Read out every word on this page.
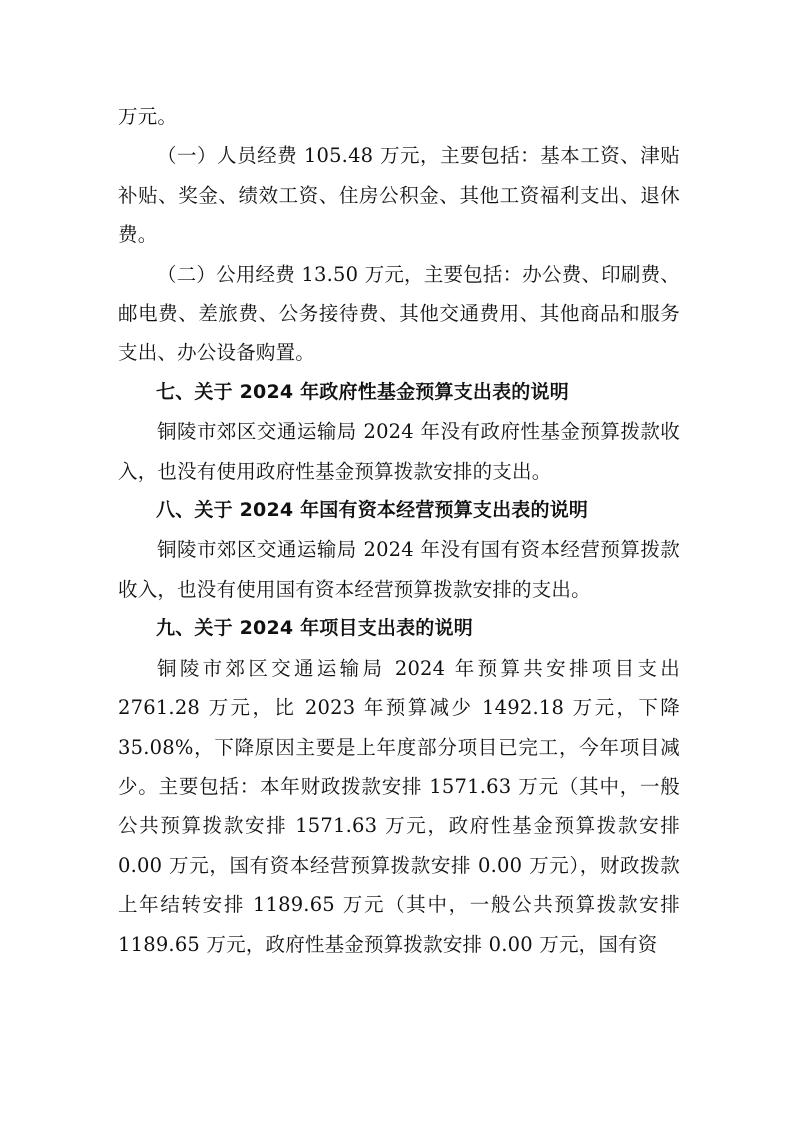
万元。

（一）人员经费 105.48 万元，主要包括：基本工资、津贴补贴、奖金、绩效工资、住房公积金、其他工资福利支出、退休费。

（二）公用经费 13.50 万元，主要包括：办公费、印刷费、邮电费、差旅费、公务接待费、其他交通费用、其他商品和服务支出、办公设备购置。

七、关于 2024 年政府性基金预算支出表的说明

铜陵市郊区交通运输局 2024 年没有政府性基金预算拨款收入，也没有使用政府性基金预算拨款安排的支出。

八、关于 2024 年国有资本经营预算支出表的说明

铜陵市郊区交通运输局 2024 年没有国有资本经营预算拨款收入，也没有使用国有资本经营预算拨款安排的支出。

九、关于 2024 年项目支出表的说明

铜陵市郊区交通运输局 2024 年预算共安排项目支出 2761.28 万元，比 2023 年预算减少 1492.18 万元，下降 35.08%，下降原因主要是上年度部分项目已完工，今年项目减少。主要包括：本年财政拨款安排 1571.63 万元（其中，一般公共预算拨款安排 1571.63 万元，政府性基金预算拨款安排 0.00 万元，国有资本经营预算拨款安排 0.00 万元），财政拨款上年结转安排 1189.65 万元（其中，一般公共预算拨款安排 1189.65 万元，政府性基金预算拨款安排 0.00 万元，国有资
